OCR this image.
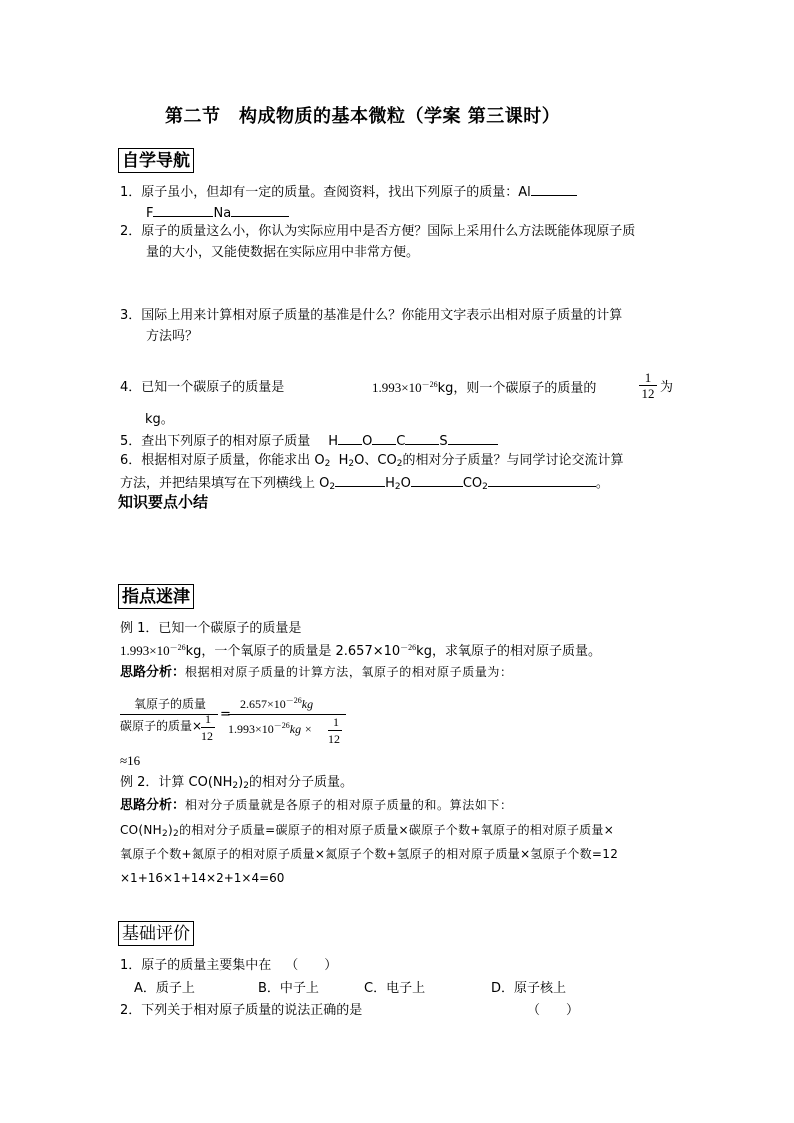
第二节　构成物质的基本微粒（学案 第三课时）
自学导航
1．原子虽小，但却有一定的质量。查阅资料，找出下列原子的质量：Al
F	Na
2．原子的质量这么小，你认为实际应用中是否方便？国际上采用什么方法既能体现原子质
量的大小，又能使数据在实际应用中非常方便。
3．国际上用来计算相对原子质量的基准是什么？你能用文字表示出相对原子质量的计算
方法吗？
4．已知一个碳原子的质量是	$1.993\times 10^{-26}kg$，则一个碳原子的质量的
1
12 为
kg。
5．查出下列原子的相对原子质量 H O C	S
6．根据相对原子质量，你能求出 $O_2$  $H_2O$、$CO_2$的相对分子质量？与同学讨论交流计算
方法，并把结果填写在下列横线上 $O_2$	$H_2O$	$CO_2$	。
知识要点小结
指点迷津
例 1．已知一个碳原子的质量是
$1.993\times 10^{-26}kg$，一个氧原子的质量是 $2.657\times 10^{-26}kg$，求氧原子的相对原子质量。
思路分析：根据相对原子质量的计算方法，氧原子的相对原子质量为：
氧原子的质量
碳原子的质量× 1
12
=
$2.657\times 10^{-26}kg$
$1.993\times 10^{-26}kg \times 1$
12
≈16
例 2．计算 $CO(NH_2)_2$的相对分子质量。
思路分析：相对分子质量就是各原子的相对原子质量的和。算法如下：
$CO(NH_2)_2$的相对分子质量=碳原子的相对原子质量×碳原子个数+氧原子的相对原子质量×
氧原子个数+氮原子的相对原子质量×氮原子个数+氢原子的相对原子质量×氢原子个数=12
×1+16×1+14×2+1×4=60
基础评价
1．原子的质量主要集中在 （　　）
A．质子上	B．中子上	C．电子上	D．原子核上
2．下列关于相对原子质量的说法正确的是	（　　）
